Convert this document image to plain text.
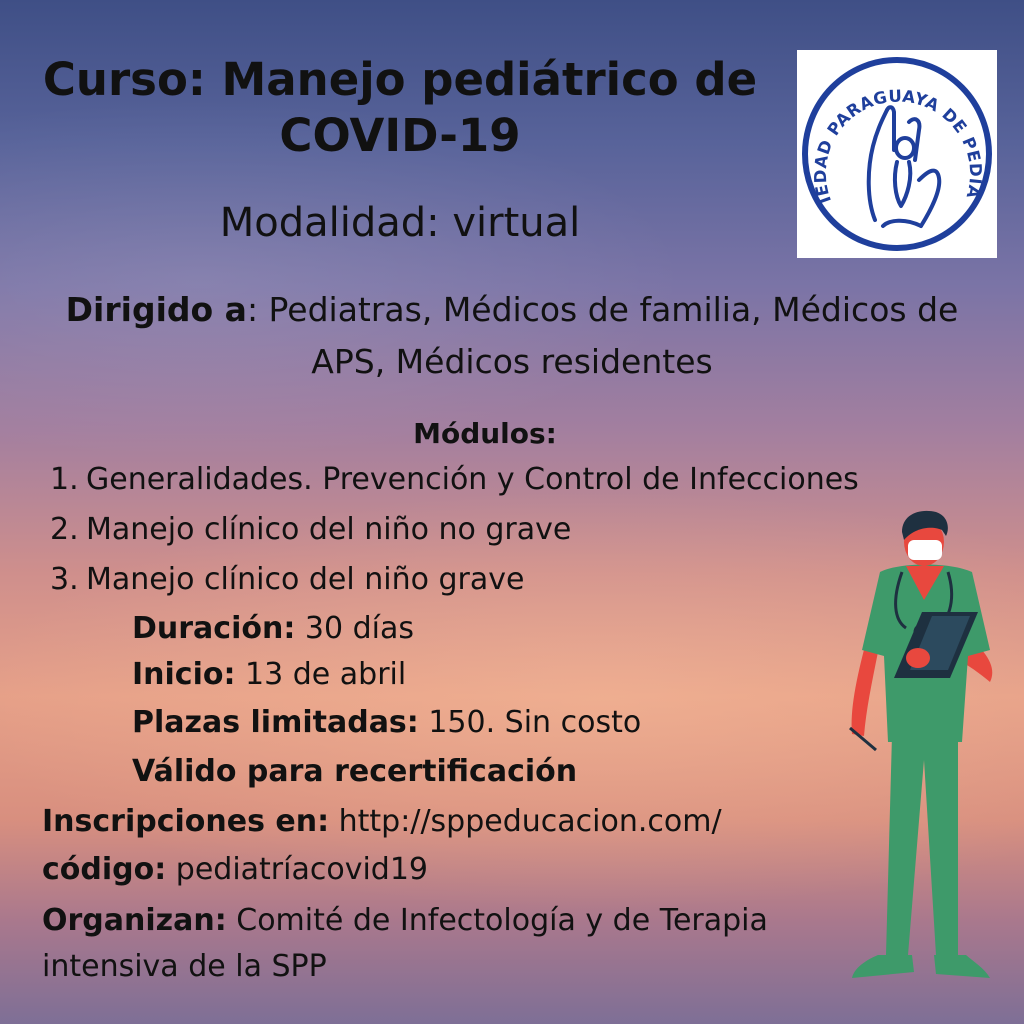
Curso: Manejo pediátrico de COVID-19

Modalidad: virtual

IEDAD PARAGUAYA DE PEDIA
Dirigido a: Pediatras, Médicos de familia, Médicos de APS, Médicos residentes
Módulos:
1. Generalidades. Prevención y Control de Infecciones
2. Manejo clínico del niño no grave
3. Manejo clínico del niño grave
Duración: 30 días
Inicio: 13 de abril
Plazas limitadas: 150. Sin costo
Válido para recertificación
Inscripciones en: http://sppeducacion.com/
código: pediatríacovid19
Organizan: Comité de Infectología y de Terapia intensiva de la SPP
